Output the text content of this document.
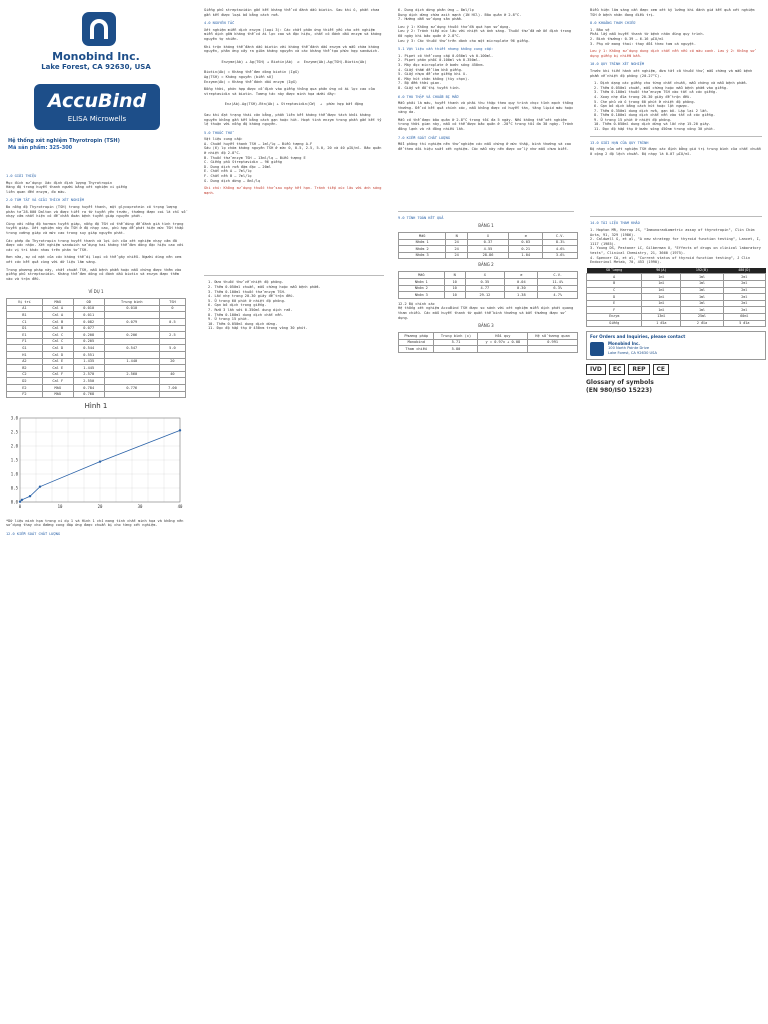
Monobind Inc.
Lake Forest, CA 92630, USA
AccuBind
ELISA Microwells
Hệ thống xét nghiệm Thyrotropin (TSH)
Mã sản phẩm: 325-300
1.0 GIỚI THIỆU
Mục đích sử dụng: Xác định định lượng Thyrotropin
Hàng độ trong huyết thanh người bằng xét nghiệm vi giếng
liên quan đến enzym, đo màu.
2.0 TÓM TẮT VÀ GIẢI THÍCH XÉT NGHIỆM
Đo nồng độ Thyrotropin (TSH) trong huyết thanh, một glycoprotein có trọng lượng phân tử 28.000 Dalton và được tiết ra từ tuyến yên trước, thường được coi là chỉ số nhạy cảm nhất hiện có để chẩn đoán bệnh tuyến giáp nguyên phát.
Cùng với nồng độ hormon tuyến giáp, nồng độ TSH có thể dùng để đánh giá tình trạng tuyến giáp. Xét nghiệm này đo TSH ở độ nhạy cao, phù hợp để phát hiện mức TSH thấp trong cường giáp và mức cao trong suy giáp nguyên phát.
Các phép đo Thyrotropin trong huyết thanh và lợi ích của xét nghiệm nhạy cảm đã được xác nhận. Xét nghiệm sandwich sử dụng hai kháng thể đơn dòng đặc hiệu cao với các vị trí khác nhau trên phân tử TSH.
Hơn nữa, sự có mặt của các kháng thể dị loại có thể gây nhiễu. Người dùng nên xem xét các kết quả cùng với dữ liệu lâm sàng.
Trong phương pháp này, chất chuẩn TSH, mẫu bệnh phẩm hoặc mẫu chứng được thêm vào giếng phủ streptavidin. Kháng thể đơn dòng có đánh dấu biotin và enzym được thêm vào và trộn đều.
VÍ DỤ 1
Vị trí	Mẫu	OD	Trung bình	TSH
A1	Cal A	0.010	0.010	0
B1	Cal A	0.011		
C1	Cal B	0.082	0.079	0.5
D1	Cal B	0.077		
E1	Cal C	0.208	0.206	2.5
F1	Cal C	0.205		
G1	Cal D	0.544	0.547	5.0
H1	Cal D	0.551		
A2	Cal E	1.435	1.440	20
B2	Cal E	1.445		
C2	Cal F	2.570	2.560	40
D2	Cal F	2.550		
E2	Mẫu	0.784	0.776	7.00
F2	Mẫu	0.768		
Hình 1
0	10	20	30	40
0.0
0.5
1.0
1.5
2.0
2.5
3.0
*Dữ liệu minh họa trong ví dụ 1 và Hình 1 chỉ mang tính chất minh họa và không nên sử dụng thay cho đường cong đáp ứng được chuẩn bị cho từng xét nghiệm.
12.0 KIỂM SOÁT CHẤT LƯỢNG
Giếng phủ streptavidin gắn kết kháng thể có đánh dấu biotin. Sau khi ủ, phần chưa gắn kết được loại bỏ bằng cách rửa.
4.0 NGUYÊN TẮC
Xét nghiệm miễn dịch enzym (loại 3): Các chất phản ứng thiết yếu cho xét nghiệm miễn dịch gồm kháng thể có ái lực cao và đặc hiệu, chất có đánh dấu enzym và kháng nguyên tự nhiên.
Khi trộn kháng thể đánh dấu biotin với kháng thể đánh dấu enzym và mẫu chứa kháng nguyên, phản ứng xảy ra giữa kháng nguyên và các kháng thể tạo phức hợp sandwich.
Enzyme(Ab) + Ag(TSH) + Biotin(Ab)  ⇌  Enzyme(Ab)-Ag(TSH)-Biotin(Ab)
Biotin(Ab) = Kháng thể đơn dòng biotin (IgG)
Ag(TSH) = Kháng nguyên (biến số)
Enzyme(Ab) = Kháng thể đánh dấu enzym (IgG)
Đồng thời, phức hợp được cố định vào giếng thông qua phản ứng có ái lực cao của streptavidin và biotin. Tương tác này được minh họa dưới đây:
Enz(Ab)-Ag(TSH)-Btn(Ab) + Streptavidin(CW)  →  phức hợp bất động
Sau khi đạt trạng thái cân bằng, phần liên kết kháng thể được tách khỏi kháng nguyên không gắn kết bằng cách gạn hoặc hút. Hoạt tính enzym trong phần gắn kết tỷ lệ thuận với nồng độ kháng nguyên.
5.0 THUỐC THỬ
Vật liệu cung cấp:
A. Chuẩn huyết thanh TSH – 1ml/lọ – Biểu tượng A-F
Sáu (6) lọ chứa kháng nguyên TSH ở mức 0, 0.5, 2.5, 5.0, 20 và 40 µIU/ml. Bảo quản ở nhiệt độ 2-8°C.
B. Thuốc thử enzym TSH – 13ml/lọ – Biểu tượng E
C. Giếng phủ Streptavidin – 96 giếng
D. Dung dịch rửa đậm đặc – 20ml
E. Chất nền A – 7ml/lọ
F. Chất nền B – 7ml/lọ
G. Dung dịch dừng – 8ml/lọ
Ghi chú: Không sử dụng thuốc thử sau ngày hết hạn. Tránh tiếp xúc lâu với ánh sáng mạnh.
1. Đưa thuốc thử về nhiệt độ phòng.
2. Thêm 0.050ml chuẩn, mẫu chứng hoặc mẫu bệnh phẩm.
3. Thêm 0.100ml thuốc thử enzym TSH.
4. Lắc nhẹ trong 20-30 giây để trộn đều.
5. Ủ trong 60 phút ở nhiệt độ phòng.
6. Gạn bỏ dịch trong giếng.
7. Rửa 3 lần với 0.350ml dung dịch rửa.
8. Thêm 0.100ml dung dịch chất nền.
9. Ủ trong 15 phút.
10. Thêm 0.050ml dung dịch dừng.
11. Đọc độ hấp thụ ở 450nm trong vòng 30 phút.
6. Dung dịch dừng phản ứng – 8ml/lọ
Dung dịch dừng chứa axit mạnh (1N HCl). Bảo quản ở 2-8°C.
7. Hướng dẫn sử dụng sản phẩm.
Lưu ý 1: Không sử dụng thuốc thử đã quá hạn sử dụng.
Lưu ý 2: Tránh tiếp xúc lâu với nhiệt và ánh sáng. Thuốc thử đã mở ổn định trong 60 ngày khi bảo quản ở 2-8°C.
Lưu ý 3: Các thuốc thử trên dành cho một microplate 96 giếng.
5.1 Vật liệu cần thiết nhưng không cung cấp:
1. Pipet có thể cung cấp 0.050ml và 0.100ml.
2. Pipet phân phối 0.100ml và 0.350ml.
3. Máy đọc microplate ở bước sóng 450nm.
4. Giấy thấm để làm khô giếng.
5. Giấy nhựa để che giếng khi ủ.
6. Máy hút chân không (tùy chọn).
7. Bộ đếm thời gian.
8. Giấy vẽ đồ thị tuyến tính.
6.0 THU THẬP VÀ CHUẨN BỊ MẪU
Mẫu phải là máu, huyết thanh và phải thu thập theo quy trình chọc tĩnh mạch thông thường. Để có kết quả chính xác, mẫu không được có huyết tán, tăng lipid máu hoặc vàng da.
Mẫu có thể được bảo quản ở 2-8°C trong tối đa 5 ngày. Nếu không thể xét nghiệm trong thời gian này, mẫu có thể được bảo quản ở -20°C trong tối đa 30 ngày. Tránh đông lạnh và rã đông nhiều lần.
7.0 KIỂM SOÁT CHẤT LƯỢNG
Mỗi phòng thí nghiệm nên thử nghiệm các mẫu chứng ở mức thấp, bình thường và cao để theo dõi hiệu suất xét nghiệm. Các mẫu này nên được xử lý như mẫu chưa biết.
9.0 TÍNH TOÁN KẾT QUẢ
BẢNG 1
Mẫu	N	X	σ	C.V.
Nhóm 1	24	0.37	0.03	8.3%
Nhóm 2	24	4.55	0.21	4.6%
Nhóm 3	24	28.86	1.04	3.6%
BẢNG 2
Mẫu	N	X	σ	C.V.
Nhóm 1	10	0.35	0.04	11.4%
Nhóm 2	10	4.77	0.30	6.3%
Nhóm 3	10	29.12	1.38	4.7%
12.2 Độ chính xác
Hệ thống xét nghiệm AccuBind TSH được so sánh với xét nghiệm miễn dịch phát quang tham chiếu. Các mẫu huyết thanh từ quần thể bình thường và bất thường được sử dụng.
BẢNG 3
Phương pháp	Trung bình (x)	Hồi quy	Hệ số tương quan
Monobind	5.71	y = 0.97x + 0.08	0.991
Tham chiếu	5.80		
Biểu hiện lâm sàng cần được xem xét kỹ lưỡng khi đánh giá kết quả xét nghiệm TSH ở bệnh nhân đang điều trị.
8.0 KHOẢNG THAM CHIẾU
1. Bảo vệ
Phải lấy mẫu huyết thanh từ bệnh nhân đúng quy trình.
2. Bình thường: 0.39 – 6.16 µIU/ml
3. Phụ nữ mang thai: thay đổi theo tam cá nguyệt.
Lưu ý 1: Không sử dụng dung dịch chất nền nếu có màu xanh. Lưu ý 2: Không sử dụng giếng bị nhiễm bẩn.
10.0 QUY TRÌNH XÉT NGHIỆM
Trước khi tiến hành xét nghiệm, đưa tất cả thuốc thử, mẫu chứng và mẫu bệnh phẩm về nhiệt độ phòng (20-27°C).
1. Định dạng các giếng cho từng chất chuẩn, mẫu chứng và mẫu bệnh phẩm.
2. Thêm 0.050ml chuẩn, mẫu chứng hoặc mẫu bệnh phẩm vào giếng.
3. Thêm 0.100ml thuốc thử enzym TSH vào tất cả các giếng.
4. Xoay nhẹ đĩa trong 20-30 giây để trộn đều.
5. Che phủ và ủ trong 60 phút ở nhiệt độ phòng.
6. Gạn bỏ dịch bằng cách hút hoặc lật ngược.
7. Thêm 0.350ml dung dịch rửa, gạn bỏ. Lặp lại 2 lần.
8. Thêm 0.100ml dung dịch chất nền vào tất cả các giếng.
9. Ủ trong 15 phút ở nhiệt độ phòng.
10. Thêm 0.050ml dung dịch dừng và lắc nhẹ 15-20 giây.
11. Đọc độ hấp thụ ở bước sóng 450nm trong vòng 30 phút.
13.0 GIỚI HẠN CỦA QUY TRÌNH
Độ nhạy của xét nghiệm TSH được xác định bằng giá trị trung bình của chất chuẩn 0 cộng 2 độ lệch chuẩn. Độ nhạy là 0.07 µIU/ml.
14.0 TÀI LIỆU THAM KHẢO
1. Hopton MR, Harrop JS, "Immunoradiometric assay of thyrotropin", Clin Chim Acta, 91, 329 (1986).
2. Caldwell G, et al, "A new strategy for thyroid function testing", Lancet, I, 1117 (1985).
3. Young DS, Pestaner LC, Gilberman U, "Effects of drugs on clinical laboratory tests", Clinical Chemistry, 21, 3660 (1975).
4. Spencer CA, et al, "Current status of thyroid function testing", J Clin Endocrinol Metab, 70, 453 (1990).
Số lượng	96(A)	192(B)	480(D)
A	1ml	1ml	2ml
B	1ml	1ml	2ml
C	1ml	1ml	2ml
D	1ml	1ml	2ml
E	1ml	1ml	2ml
F	1ml	1ml	2ml
Enzym	13ml	25ml	60ml
Giếng	1 đĩa	2 đĩa	5 đĩa
For Orders and Inquiries, please contact
Monobind Inc.
100 North Pointe Drive
Lake Forest, CA 92630 USA
IVD	EC	REP	CE
Glossary of symbols
(EN 980/ISO 15223)
